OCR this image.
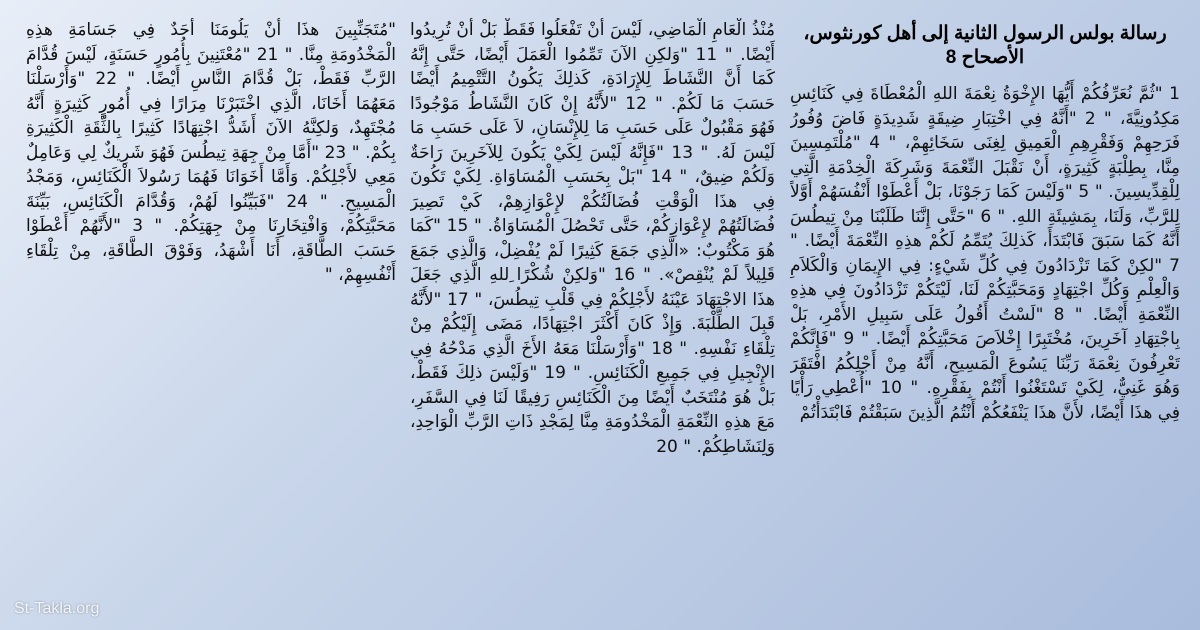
رسالة بولس الرسول الثانية إلى أهل كورنثوس، الأصحاح 8

1 "ثُمَّ نُعَرِّفُكُمْ أَيُّهَا الإِخْوَةُ نِعْمَةَ اللهِ الْمُعْطَاةَ فِي كَنَائِسِ مَكِدُونِيَّةَ، " 2 "أَنَّهُ فِي اخْتِبَارِ ضِيقَةٍ شَدِيدَةٍ فَاضَ وُفُورُ فَرَحِهِمْ وَفَقْرِهِمِ الْعَمِيقِ لِغِنَى سَخَائِهِمْ، " 4 "مُلْتَمِسِينَ مِنَّا، بِطِلْبَةٍ كَثِيرَةٍ، أَنْ نَقْبَلَ النِّعْمَةَ وَشَرِكَةَ الْخِدْمَةِ الَّتِي لِلْقِدِّيسِينَ. " 5 "وَلَيْسَ كَمَا رَجَوْنَا، بَلْ أَعْطَوْا أَنْفُسَهُمْ أَوَّلاً لِلرَّبِّ، وَلَنَا، بِمَشِيئَةِ اللهِ. " 6 "حَتَّى إِنَّنَا طَلَبْنَا مِنْ تِيطُسَ أَنَّهُ كَمَا سَبَقَ فَابْتَدَأَ، كَذلِكَ يُتَمِّمُ لَكُمْ هذِهِ النِّعْمَةَ أَيْضًا. " 7 "لكِنْ كَمَا تَزْدَادُونَ فِي كُلِّ شَيْءٍ: فِي الإِيمَانِ وَالْكَلاَمِ وَالْعِلْمِ وَكُلِّ اجْتِهَادٍ وَمَحَبَّتِكُمْ لَنَا، لَيْتَكُمْ تَزْدَادُونَ فِي هذِهِ النِّعْمَةِ أَيْضًا. " 8 "لَسْتُ أَقُولُ عَلَى سَبِيلِ الأَمْرِ، بَلْ بِاجْتِهَادِ آخَرِينَ، مُخْتَبِرًا إِخْلاَصَ مَحَبَّتِكُمْ أَيْضًا. " 9 "فَإِنَّكُمْ تَعْرِفُونَ نِعْمَةَ رَبِّنَا يَسُوعَ الْمَسِيحِ، أَنَّهُ مِنْ أَجْلِكُمُ افْتَقَرَ وَهُوَ غَنِيٌّ، لِكَيْ تَسْتَغْنُوا أَنْتُمْ بِفَقْرِهِ. " 10 "أُعْطِي رَأْيًا فِي هذَا أَيْضًا، لأَنَّ هذَا يَنْفَعُكُمْ أَنْتُمُ الَّذِينَ سَبَقْتُمْ فَابْتَدَأْتُمْ

مُنْذُ الْعَامِ الْمَاضِي، لَيْسَ أَنْ تَفْعَلُوا فَقَطْ بَلْ أَنْ تُرِيدُوا أَيْضًا. " 11 "وَلكِنِ الآنَ تَمِّمُوا الْعَمَلَ أَيْضًا، حَتَّى إِنَّهُ كَمَا أَنَّ النَّشَاطَ لِلإِرَادَةِ، كَذلِكَ يَكُونُ التَّتْمِيمُ أَيْضًا حَسَبَ مَا لَكُمْ. " 12 "لأَنَّهُ إِنْ كَانَ النَّشَاطُ مَوْجُودًا فَهُوَ مَقْبُولٌ عَلَى حَسَبِ مَا لِلإِنْسَانِ، لاَ عَلَى حَسَبِ مَا لَيْسَ لَهُ. " 13 "فَإِنَّهُ لَيْسَ لِكَيْ يَكُونَ لِلآخَرِينَ رَاحَةٌ وَلَكُمْ ضِيقٌ، " 14 "بَلْ بِحَسَبِ الْمُسَاوَاةِ. لِكَيْ تَكُونَ فِي هذَا الْوَقْتِ فُضَالَتُكُمْ لإِعْوَازِهِمْ، كَيْ تَصِيرَ فُضَالَتُهُمْ لإِعْوَازِكُمْ، حَتَّى تَحْصُلَ الْمُسَاوَاةُ. " 15 "كَمَا هُوَ مَكْتُوبٌ: «الَّذِي جَمَعَ كَثِيرًا لَمْ يُفْضِلْ، وَالَّذِي جَمَعَ قَلِيلاً لَمْ يُنْقِصْ». " 16 "وَلكِنْ شُكْرًا ِللهِ الَّذِي جَعَلَ هذَا الاجْتِهَادَ عَيْنَهُ لأَجْلِكُمْ فِي قَلْبِ تِيطُسَ، " 17 "لأَنَّهُ قَبِلَ الطِّلْبَةَ. وَإِذْ كَانَ أَكْثَرَ اجْتِهَادًا، مَضَى إِلَيْكُمْ مِنْ تِلْقَاءِ نَفْسِهِ. " 18 "وَأَرْسَلْنَا مَعَهُ الأَخَ الَّذِي مَدْحُهُ فِي الإِنْجِيلِ فِي جَمِيعِ الْكَنَائِسِ. " 19 "وَلَيْسَ ذلِكَ فَقَطْ، بَلْ هُوَ مُنْتَخَبٌ أَيْضًا مِنَ الْكَنَائِسِ رَفِيقًا لَنَا فِي السَّفَرِ، مَعَ هذِهِ النِّعْمَةِ الْمَخْدُومَةِ مِنَّا لِمَجْدِ ذَاتِ الرَّبِّ الْوَاحِدِ، وَلِنَشَاطِكُمْ. " 20

"مُتَجَنِّبِينَ هذَا أَنْ يَلُومَنَا أَحَدٌ فِي جَسَامَةِ هذِهِ الْمَخْدُومَةِ مِنَّا. " 21 "مُعْتَنِينَ بِأُمُورٍ حَسَنَةٍ، لَيْسَ قُدَّامَ الرَّبِّ فَقَطْ، بَلْ قُدَّامَ النَّاسِ أَيْضًا. " 22 "وَأَرْسَلْنَا مَعَهُمَا أَخَانَا، الَّذِي اخْتَبَرْنَا مِرَارًا فِي أُمُورٍ كَثِيرَةٍ أَنَّهُ مُجْتَهِدٌ، وَلكِنَّهُ الآنَ أَشَدُّ اجْتِهَادًا كَثِيرًا بِالثِّقَةِ الْكَثِيرَةِ بِكُمْ. " 23 "أَمَّا مِنْ جِهَةِ تِيطُسَ فَهُوَ شَرِيكٌ لِي وَعَامِلٌ مَعِي لأَجْلِكُمْ. وَأَمَّا أَخَوَانَا فَهُمَا رَسُولاَ الْكَنَائِسِ، وَمَجْدُ الْمَسِيحِ. " 24 "فَبَيِّنُوا لَهُمْ، وَقُدَّامَ الْكَنَائِسِ، بَيِّنَةَ مَحَبَّتِكُمْ، وَافْتِخَارِنَا مِنْ جِهَتِكُمْ. " 3 "لأَنَّهُمْ أَعْطَوْا حَسَبَ الطَّاقَةِ، أَنَا أَشْهَدُ، وَفَوْقَ الطَّاقَةِ، مِنْ تِلْقَاءِ أَنْفُسِهِمْ، "

St-Takla.org
